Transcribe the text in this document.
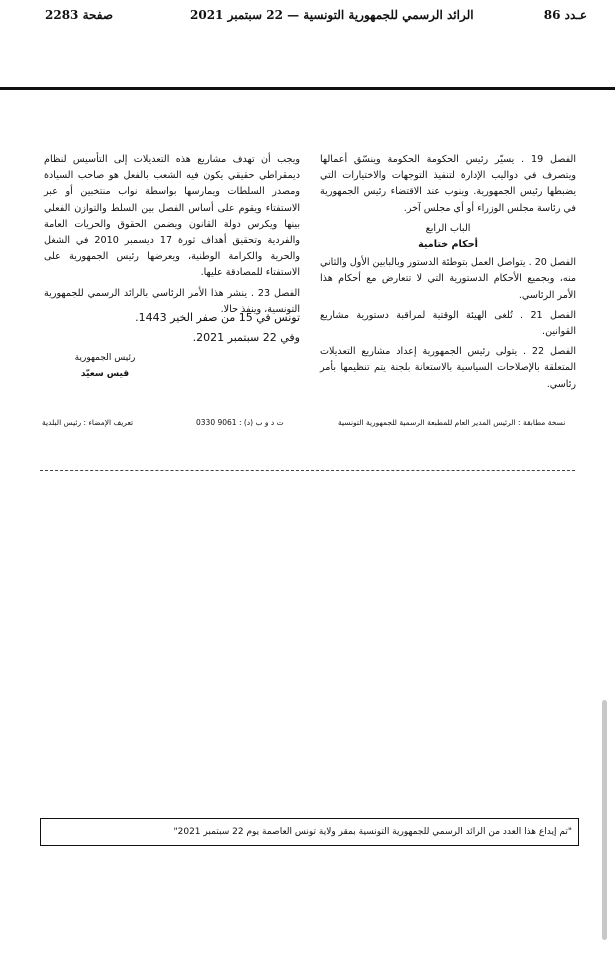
صفحة 2283	الرائد الرسمي للجمهورية التونسية — 22 سبتمبر 2021	عـدد 86

الفصل 19 . يسيّر رئيس الحكومة الحكومة وينسّق أعمالها ويتصرف في دواليب الإدارة لتنفيذ التوجهات والاختيارات التي يضبطها رئيس الجمهورية. وينوب عند الاقتضاء رئيس الجمهورية في رئاسة مجلس الوزراء أو أي مجلس آخر.

الباب الرابع

أحكام ختامية

الفصل 20 . يتواصل العمل بتوطئة الدستور وبالبابين الأول والثاني منه، وبجميع الأحكام الدستورية التي لا تتعارض مع أحكام هذا الأمر الرئاسي.

الفصل 21 . تُلغى الهيئة الوقتية لمراقبة دستورية مشاريع القوانين.

الفصل 22 . يتولى رئيس الجمهورية إعداد مشاريع التعديلات المتعلقة بالإصلاحات السياسية بالاستعانة بلجنة يتم تنظيمها بأمر رئاسي.

ويجب أن تهدف مشاريع هذه التعديلات إلى التأسيس لنظام ديمقراطي حقيقي يكون فيه الشعب بالفعل هو صاحب السيادة ومصدر السلطات ويمارسها بواسطة نواب منتخبين أو عبر الاستفتاء ويقوم على أساس الفصل بين السلط والتوازن الفعلي بينها ويكرس دولة القانون ويضمن الحقوق والحريات العامة والفردية وتحقيق أهداف ثورة 17 ديسمبر 2010 في الشغل والحرية والكرامة الوطنية، ويعرضها رئيس الجمهورية على الاستفتاء للمصادقة عليها.

الفصل 23 . ينشر هذا الأمر الرئاسي بالرائد الرسمي للجمهورية التونسية، وينفذ حالا.

تونس في 15 من صفر الخير 1443.

وفي 22 سبتمبر 2021.

رئيس الجمهورية
قيس سعيّد
نسخة مطابقة : الرئيس المدير العام للمطبعة الرسمية للجمهورية التونسية
ت د و ب (د) : 9061 0330
تعريف الإمضاء : رئيس البلدية
"تم إيداع هذا العدد من الرائد الرسمي للجمهورية التونسية بمقر ولاية تونس العاصمة يوم 22 سبتمبر 2021"
